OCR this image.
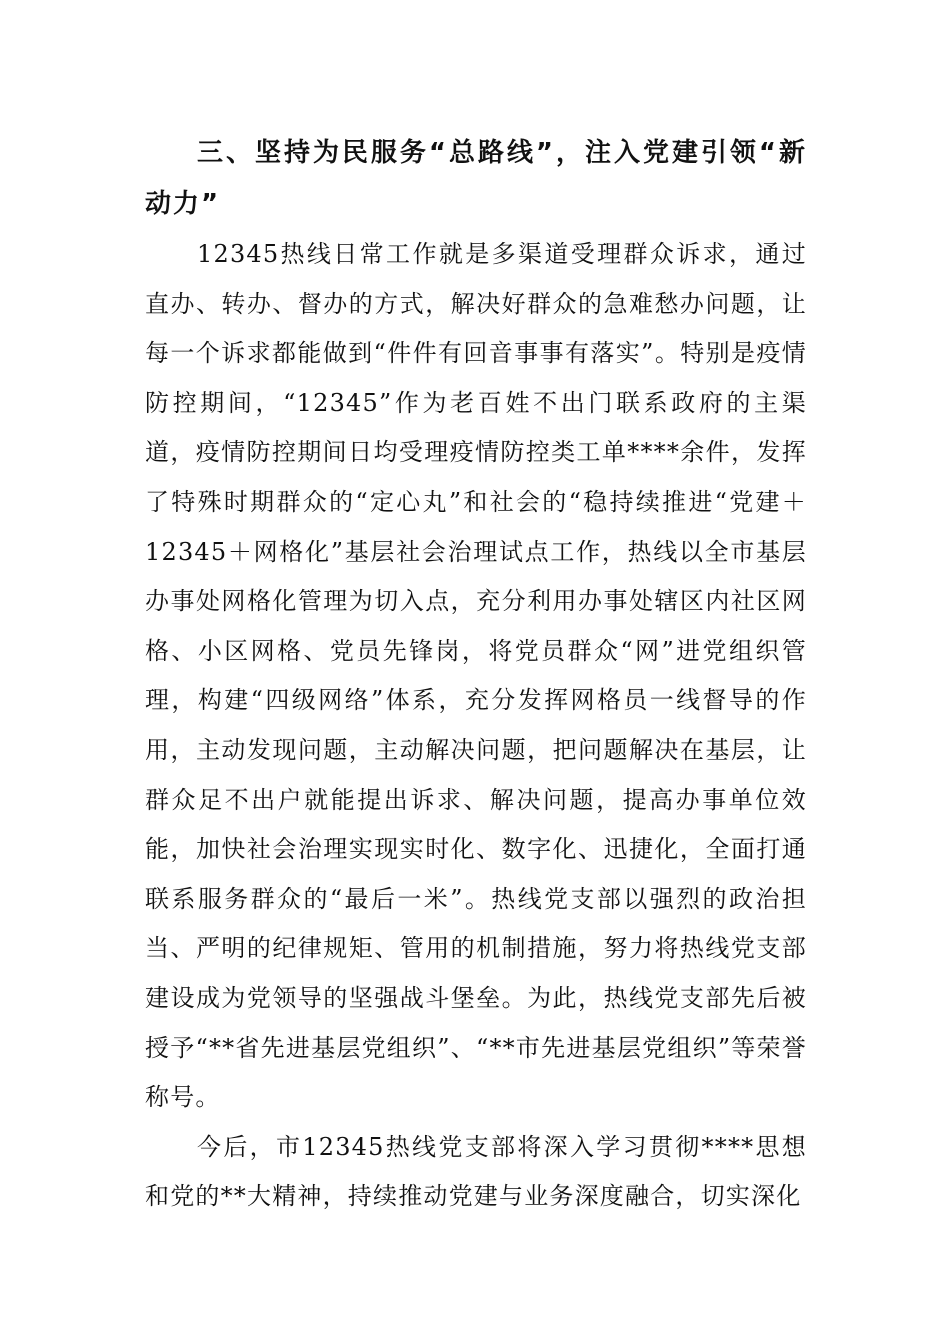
三、坚持为民服务“总路线”，注入党建引领“新动力”

12345热线日常工作就是多渠道受理群众诉求，通过直办、转办、督办的方式，解决好群众的急难愁办问题，让每一个诉求都能做到“件件有回音事事有落实”。特别是疫情防控期间，“12345”作为老百姓不出门联系政府的主渠道，疫情防控期间日均受理疫情防控类工单****余件，发挥了特殊时期群众的“定心丸”和社会的“稳持续推进“党建＋12345＋网格化”基层社会治理试点工作，热线以全市基层办事处网格化管理为切入点，充分利用办事处辖区内社区网格、小区网格、党员先锋岗，将党员群众“网”进党组织管理，构建“四级网络”体系，充分发挥网格员一线督导的作用，主动发现问题，主动解决问题，把问题解决在基层，让群众足不出户就能提出诉求、解决问题，提高办事单位效能，加快社会治理实现实时化、数字化、迅捷化，全面打通联系服务群众的“最后一米”。热线党支部以强烈的政治担当、严明的纪律规矩、管用的机制措施，努力将热线党支部建设成为党领导的坚强战斗堡垒。为此，热线党支部先后被授予“**省先进基层党组织”、“**市先进基层党组织”等荣誉称号。

今后，市12345热线党支部将深入学习贯彻****思想和党的**大精神，持续推动党建与业务深度融合，切实深化
